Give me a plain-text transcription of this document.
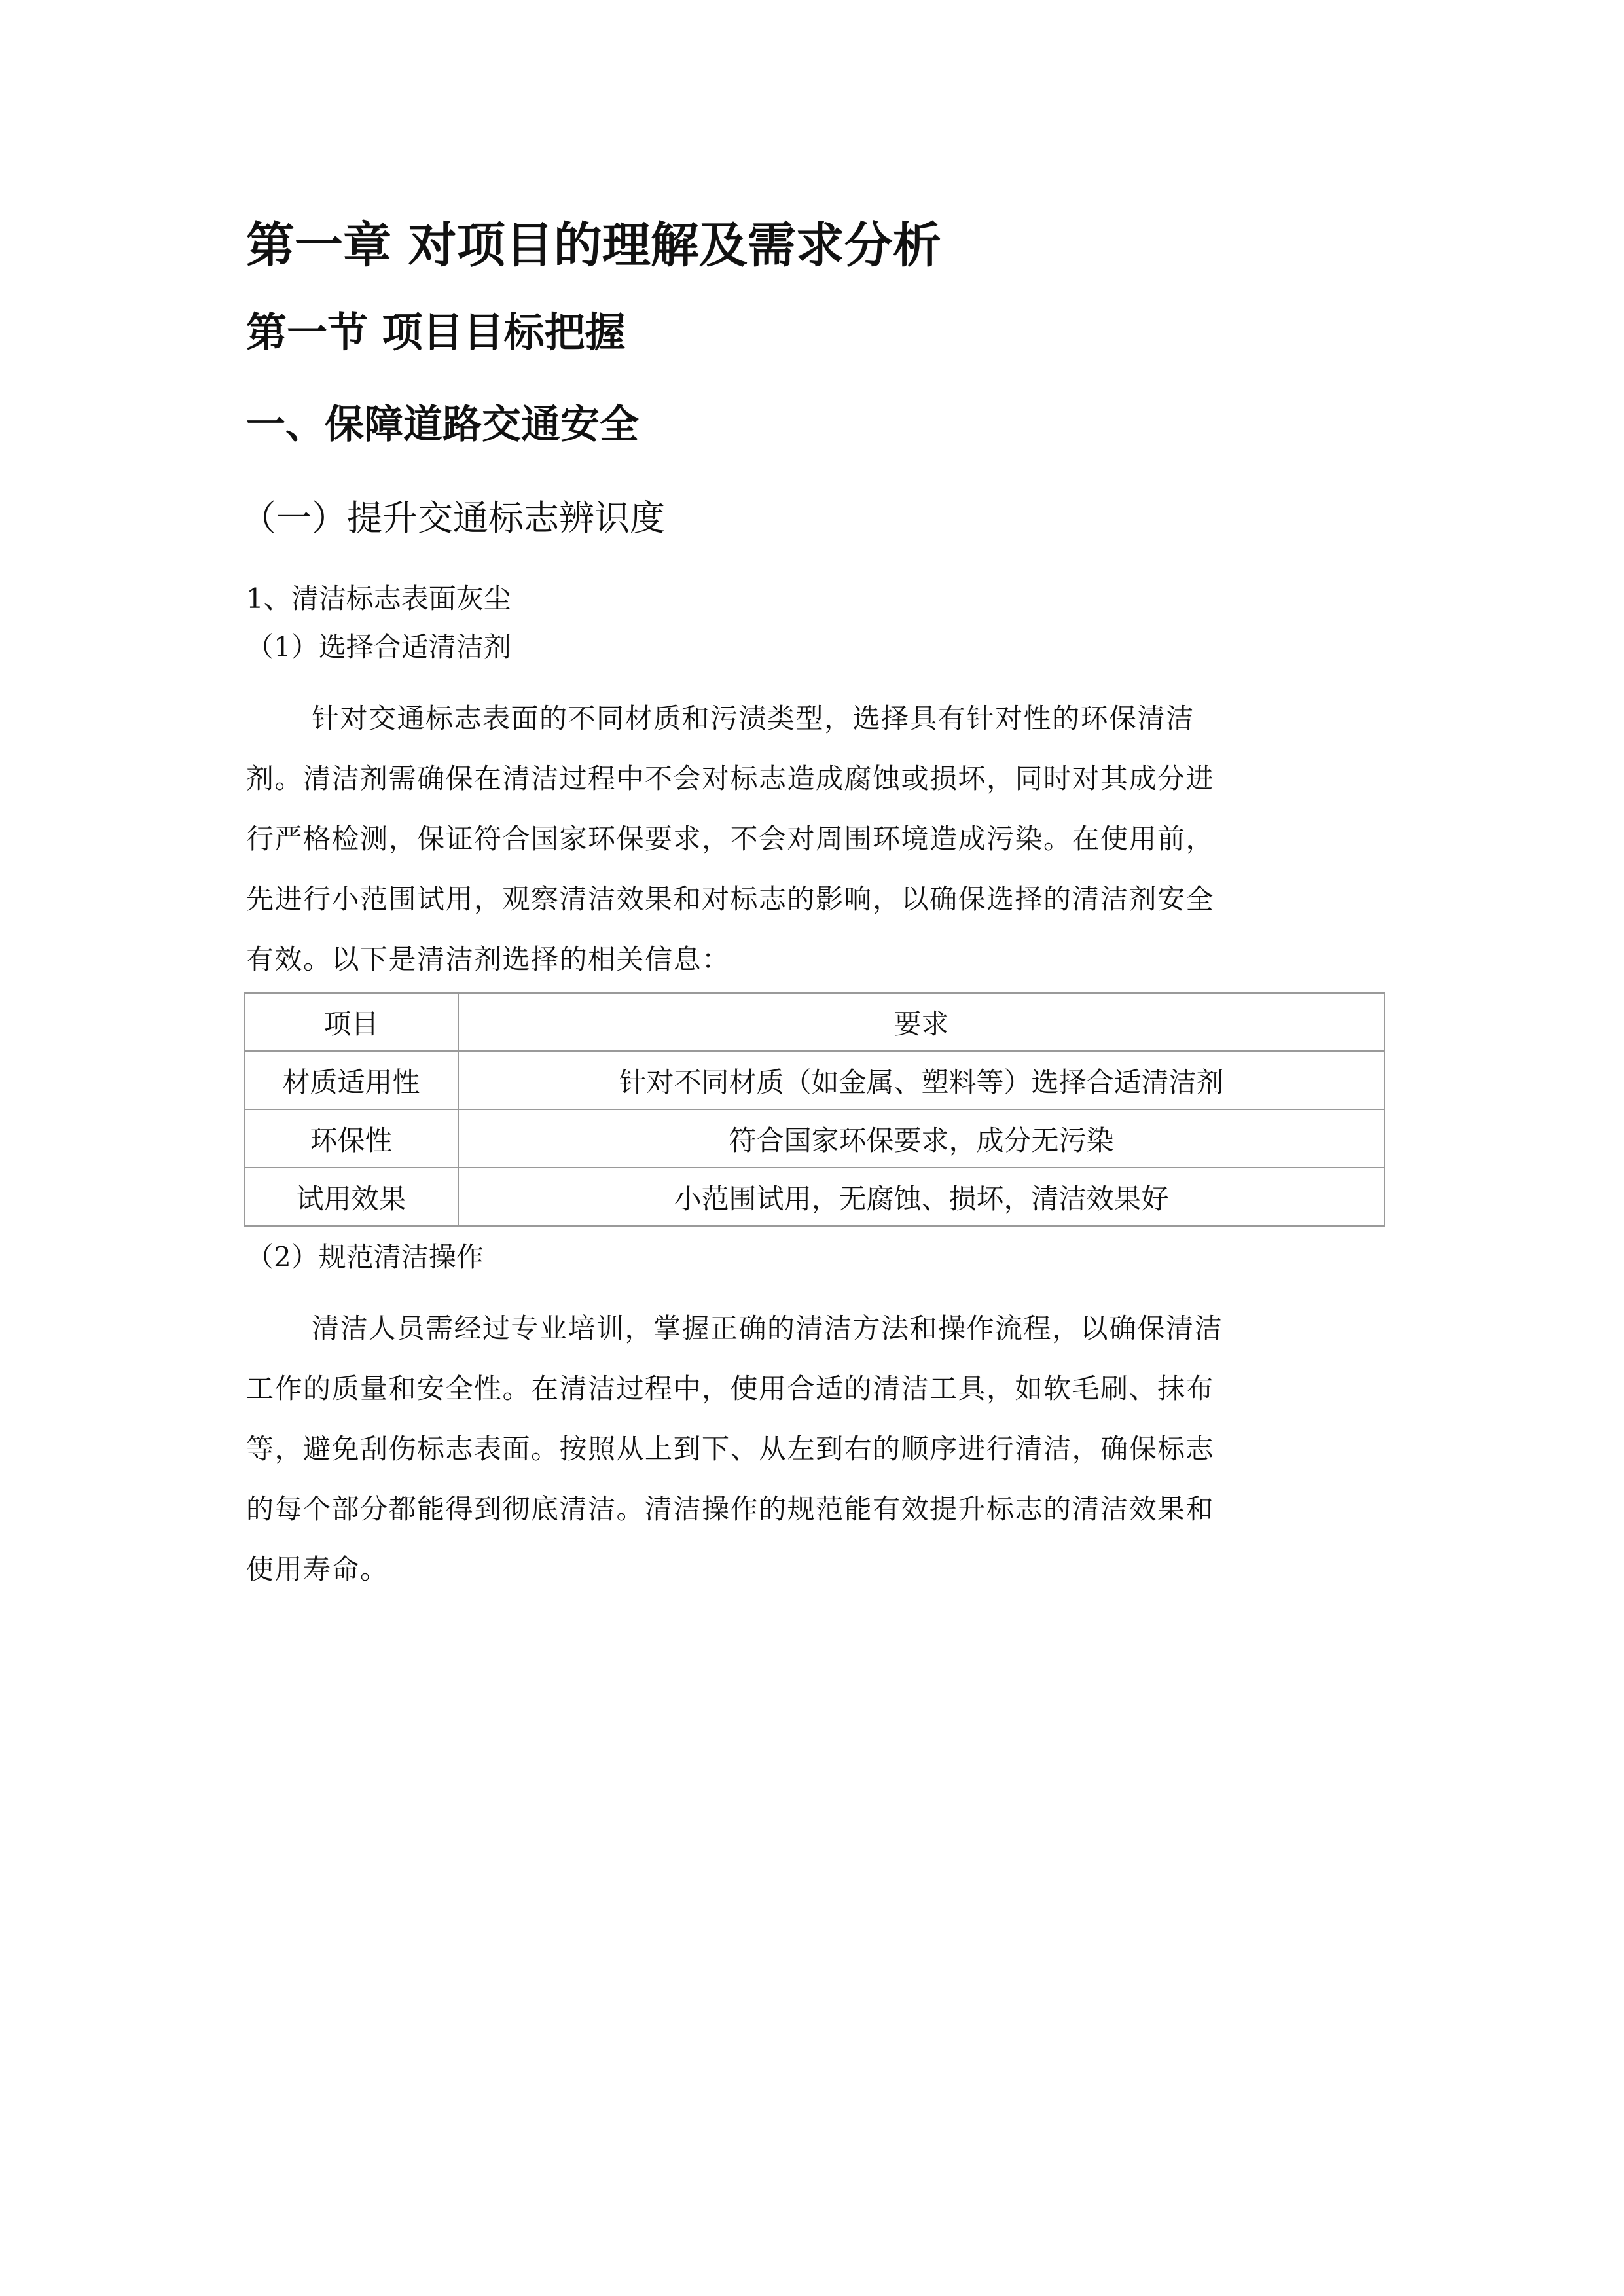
第一章 对项目的理解及需求分析
第一节 项目目标把握
一、保障道路交通安全
（一）提升交通标志辨识度
1、清洁标志表面灰尘
（1）选择合适清洁剂
针对交通标志表面的不同材质和污渍类型，选择具有针对性的环保清洁
剂。清洁剂需确保在清洁过程中不会对标志造成腐蚀或损坏，同时对其成分进
行严格检测，保证符合国家环保要求，不会对周围环境造成污染。在使用前，
先进行小范围试用，观察清洁效果和对标志的影响，以确保选择的清洁剂安全
有效。以下是清洁剂选择的相关信息：
项目	要求
材质适用性	针对不同材质（如金属、塑料等）选择合适清洁剂
环保性	符合国家环保要求，成分无污染
试用效果	小范围试用，无腐蚀、损坏，清洁效果好
（2）规范清洁操作
清洁人员需经过专业培训，掌握正确的清洁方法和操作流程，以确保清洁
工作的质量和安全性。在清洁过程中，使用合适的清洁工具，如软毛刷、抹布
等，避免刮伤标志表面。按照从上到下、从左到右的顺序进行清洁，确保标志
的每个部分都能得到彻底清洁。清洁操作的规范能有效提升标志的清洁效果和
使用寿命。
